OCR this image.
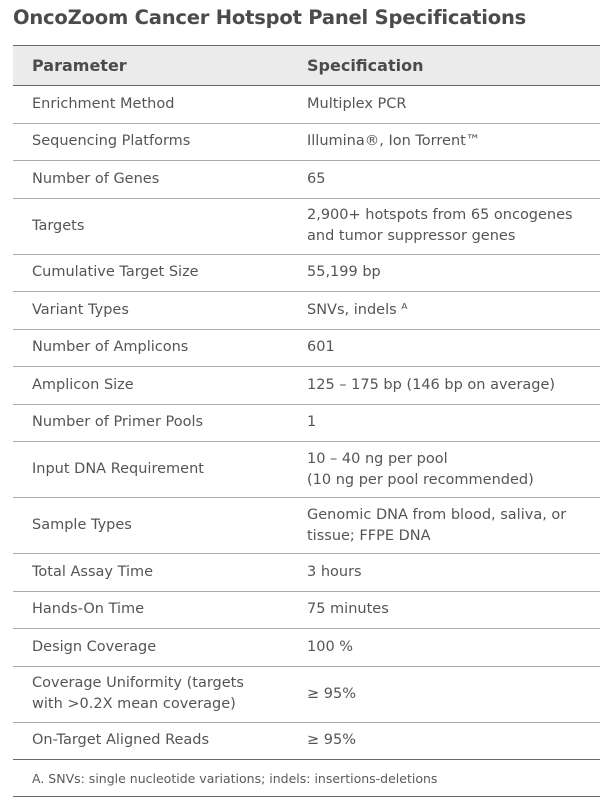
OncoZoom Cancer Hotspot Panel Specifications
Parameter	Specification

Enrichment Method	Multiplex PCR

Sequencing Platforms	Illumina®, Ion Torrent™

Number of Genes	65

Targets	2,900+ hotspots from 65 oncogenes
and tumor suppressor genes

Cumulative Target Size	55,199 bp

Variant Types	SNVs, indels ᴬ

Number of Amplicons	601

Amplicon Size	125 – 175 bp (146 bp on average)

Number of Primer Pools	1

Input DNA Requirement	10 – 40 ng per pool
(10 ng per pool recommended)

Sample Types	Genomic DNA from blood, saliva, or
tissue; FFPE DNA

Total Assay Time	3 hours

Hands-On Time	75 minutes

Design Coverage	100 %

Coverage Uniformity (targets
with >0.2X mean coverage)	≥ 95%

On-Target Aligned Reads	≥ 95%

A. SNVs: single nucleotide variations; indels: insertions-deletions	
